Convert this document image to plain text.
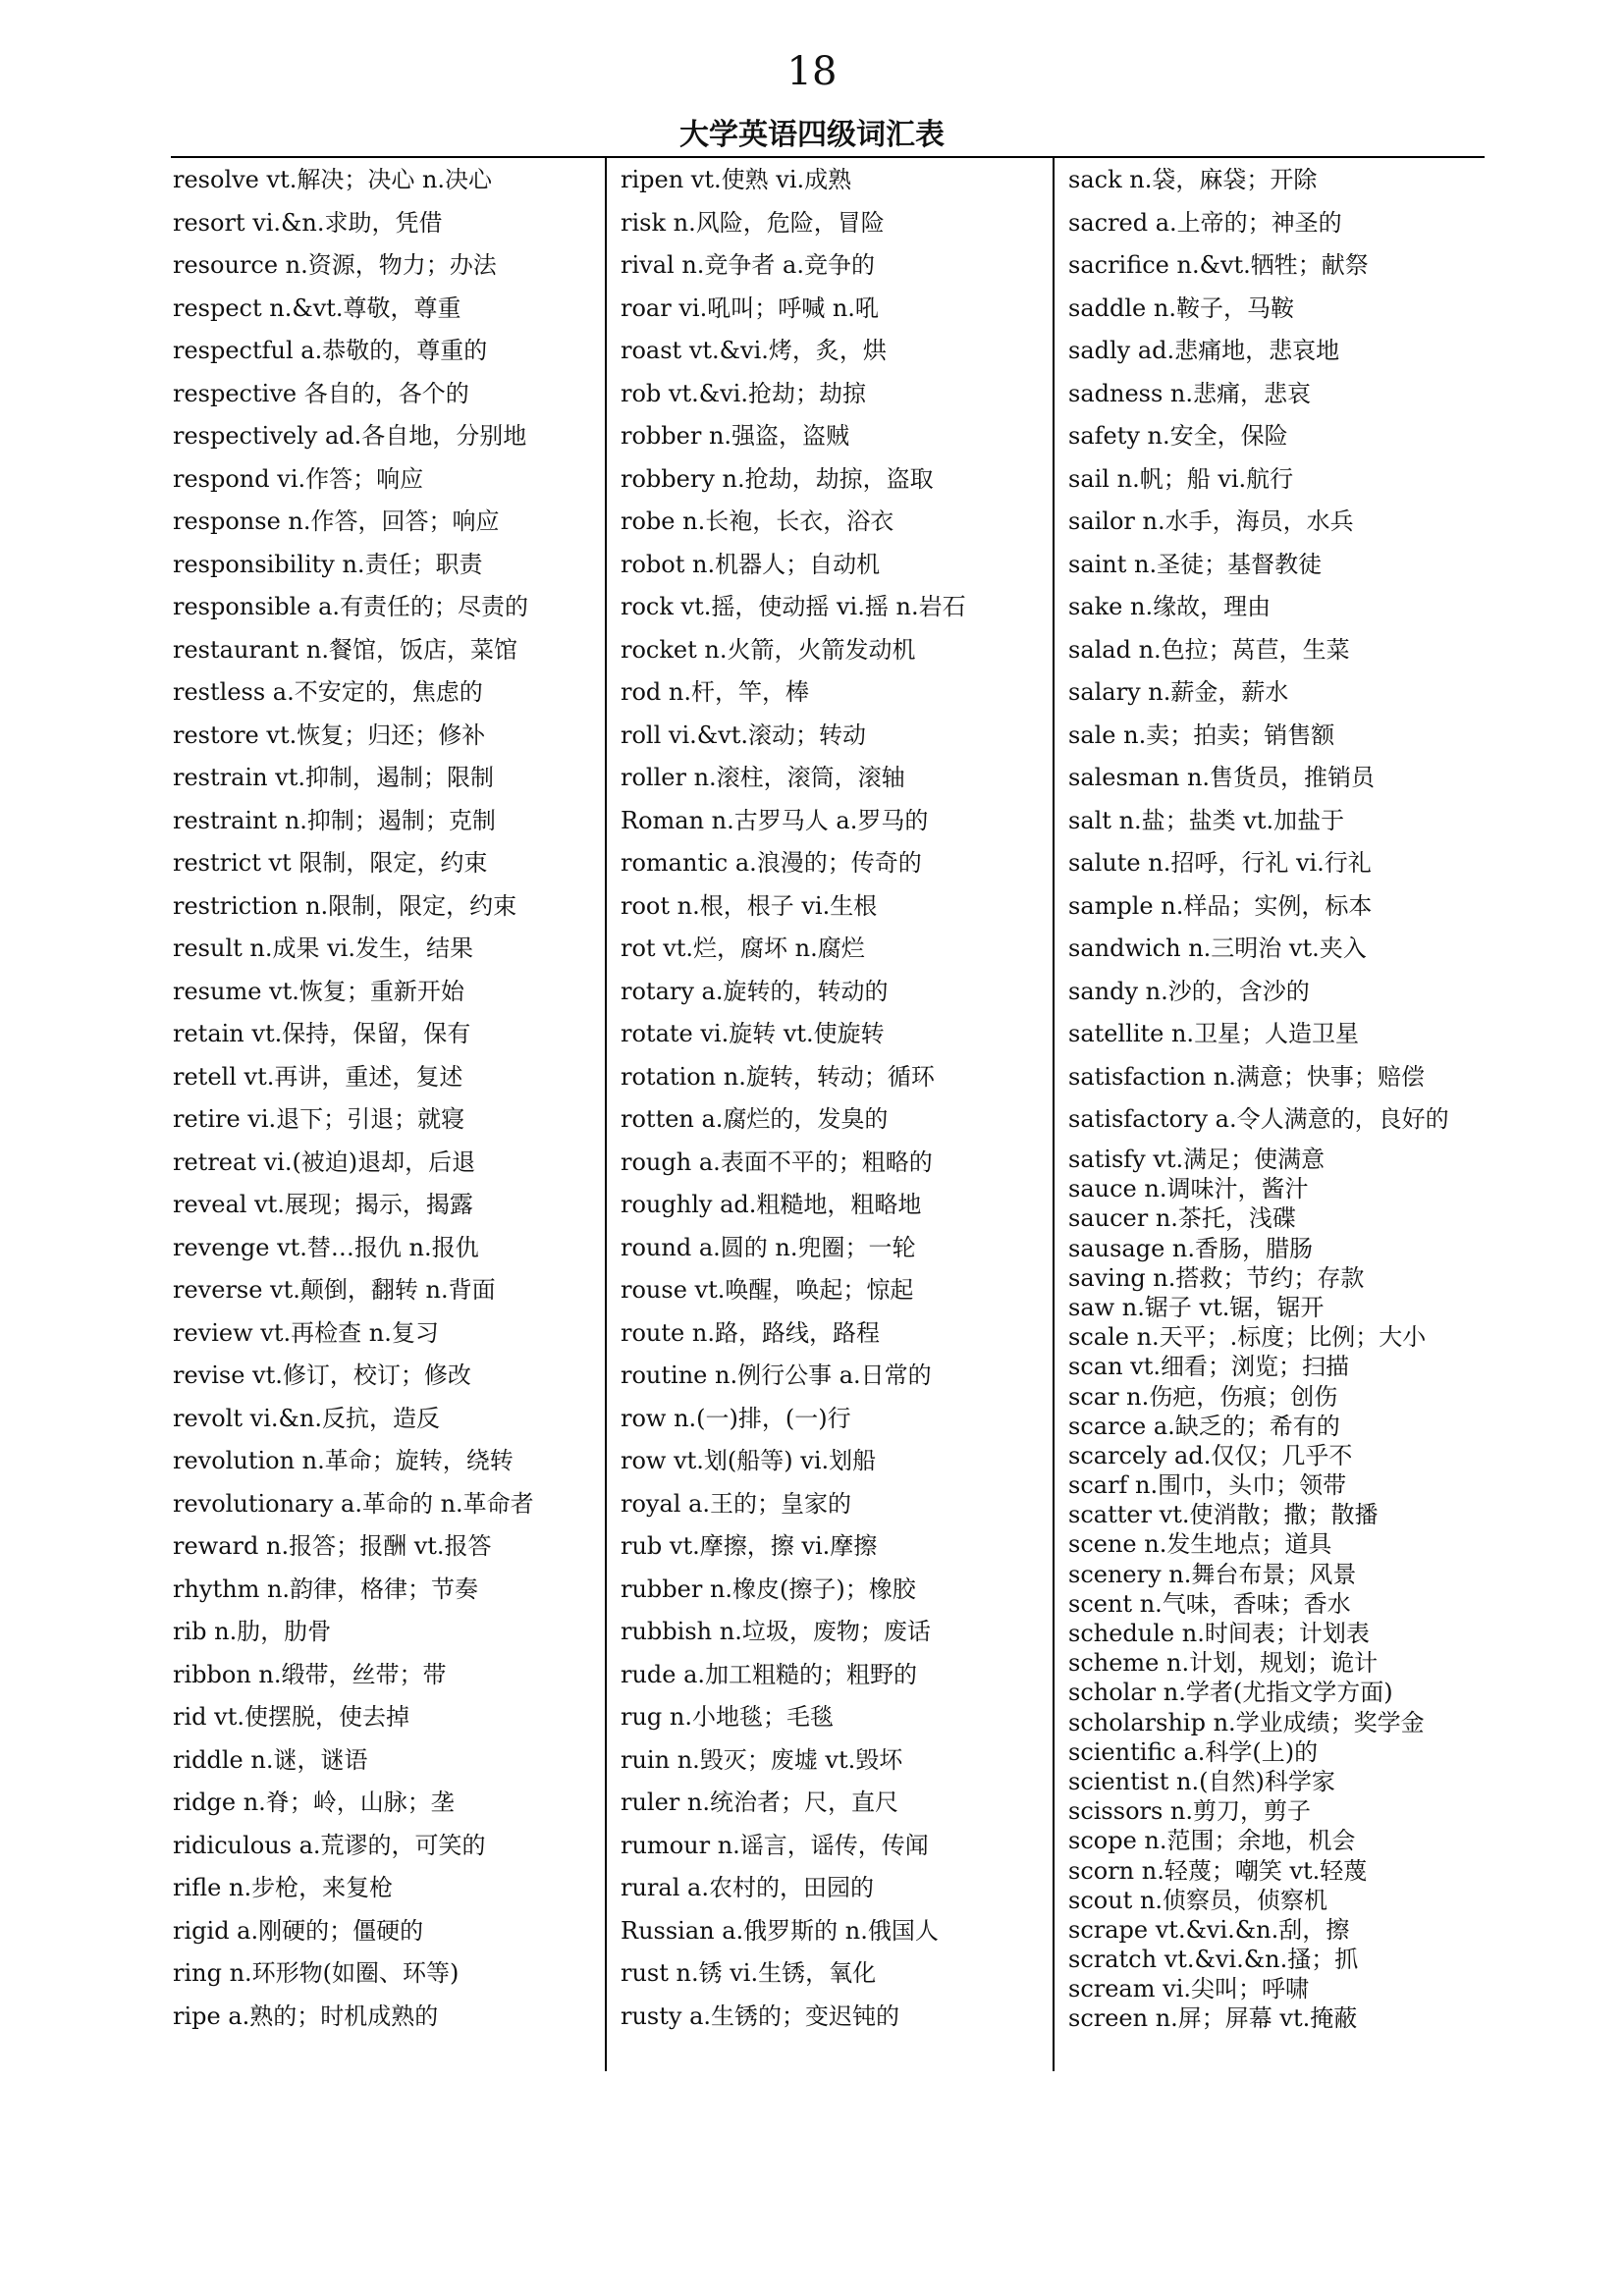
18
大学英语四级词汇表
resolve vt.解决；决心 n.决心
resort vi.&n.求助，凭借
resource n.资源，物力；办法
respect n.&vt.尊敬，尊重
respectful a.恭敬的，尊重的
respective 各自的，各个的
respectively ad.各自地，分别地
respond vi.作答；响应
response n.作答，回答；响应
responsibility n.责任；职责
responsible a.有责任的；尽责的
restaurant n.餐馆，饭店，菜馆
restless a.不安定的，焦虑的
restore vt.恢复；归还；修补
restrain vt.抑制，遏制；限制
restraint n.抑制；遏制；克制
restrict vt 限制，限定，约束
restriction n.限制，限定，约束
result n.成果 vi.发生，结果
resume vt.恢复；重新开始
retain vt.保持，保留，保有
retell vt.再讲，重述，复述
retire vi.退下；引退；就寝
retreat vi.(被迫)退却，后退
reveal vt.展现；揭示，揭露
revenge vt.替…报仇 n.报仇
reverse vt.颠倒，翻转 n.背面
review vt.再检查 n.复习
revise vt.修订，校订；修改
revolt vi.&n.反抗，造反
revolution n.革命；旋转，绕转
revolutionary a.革命的 n.革命者
reward n.报答；报酬 vt.报答
rhythm n.韵律，格律；节奏
rib n.肋，肋骨
ribbon n.缎带，丝带；带
rid vt.使摆脱，使去掉
riddle n.谜，谜语
ridge n.脊；岭，山脉；垄
ridiculous a.荒谬的，可笑的
rifle n.步枪，来复枪
rigid a.刚硬的；僵硬的
ring n.环形物(如圈、环等)
ripe a.熟的；时机成熟的
ripen vt.使熟 vi.成熟
risk n.风险，危险，冒险
rival n.竞争者 a.竞争的
roar vi.吼叫；呼喊 n.吼
roast vt.&vi.烤，炙，烘
rob vt.&vi.抢劫；劫掠
robber n.强盗，盗贼
robbery n.抢劫，劫掠，盗取
robe n.长袍，长衣，浴衣
robot n.机器人；自动机
rock vt.摇，使动摇 vi.摇 n.岩石
rocket n.火箭，火箭发动机
rod n.杆，竿，棒
roll vi.&vt.滚动；转动
roller n.滚柱，滚筒，滚轴
Roman n.古罗马人 a.罗马的
romantic a.浪漫的；传奇的
root n.根，根子 vi.生根
rot vt.烂，腐坏 n.腐烂
rotary a.旋转的，转动的
rotate vi.旋转 vt.使旋转
rotation n.旋转，转动；循环
rotten a.腐烂的，发臭的
rough a.表面不平的；粗略的
roughly ad.粗糙地，粗略地
round a.圆的 n.兜圈；一轮
rouse vt.唤醒，唤起；惊起
route n.路，路线，路程
routine n.例行公事 a.日常的
row n.(一)排，(一)行
row vt.划(船等) vi.划船
royal a.王的；皇家的
rub vt.摩擦，擦 vi.摩擦
rubber n.橡皮(擦子)；橡胶
rubbish n.垃圾，废物；废话
rude a.加工粗糙的；粗野的
rug n.小地毯；毛毯
ruin n.毁灭；废墟 vt.毁坏
ruler n.统治者；尺，直尺
rumour n.谣言，谣传，传闻
rural a.农村的，田园的
Russian a.俄罗斯的 n.俄国人
rust n.锈 vi.生锈，氧化
rusty a.生锈的；变迟钝的
sack n.袋，麻袋；开除
sacred a.上帝的；神圣的
sacrifice n.&vt.牺牲；献祭
saddle n.鞍子，马鞍
sadly ad.悲痛地，悲哀地
sadness n.悲痛，悲哀
safety n.安全，保险
sail n.帆；船 vi.航行
sailor n.水手，海员，水兵
saint n.圣徒；基督教徒
sake n.缘故，理由
salad n.色拉；莴苣，生菜
salary n.薪金，薪水
sale n.卖；拍卖；销售额
salesman n.售货员，推销员
salt n.盐；盐类 vt.加盐于
salute n.招呼，行礼 vi.行礼
sample n.样品；实例，标本
sandwich n.三明治 vt.夹入
sandy n.沙的，含沙的
satellite n.卫星；人造卫星
satisfaction n.满意；快事；赔偿
satisfactory a.令人满意的，良好的
satisfy vt.满足；使满意
sauce n.调味汁，酱汁
saucer n.茶托，浅碟
sausage n.香肠，腊肠
saving n.搭救；节约；存款
saw n.锯子 vt.锯，锯开
scale n.天平；.标度；比例；大小
scan vt.细看；浏览；扫描
scar n.伤疤，伤痕；创伤
scarce a.缺乏的；希有的
scarcely ad.仅仅；几乎不
scarf n.围巾，头巾；领带
scatter vt.使消散；撒；散播
scene n.发生地点；道具
scenery n.舞台布景；风景
scent n.气味，香味；香水
schedule n.时间表；计划表
scheme n.计划，规划；诡计
scholar n.学者(尤指文学方面)
scholarship n.学业成绩；奖学金
scientific a.科学(上)的
scientist n.(自然)科学家
scissors n.剪刀，剪子
scope n.范围；余地，机会
scorn n.轻蔑；嘲笑 vt.轻蔑
scout n.侦察员，侦察机
scrape vt.&vi.&n.刮，擦
scratch vt.&vi.&n.搔；抓
scream vi.尖叫；呼啸
screen n.屏；屏幕 vt.掩蔽
